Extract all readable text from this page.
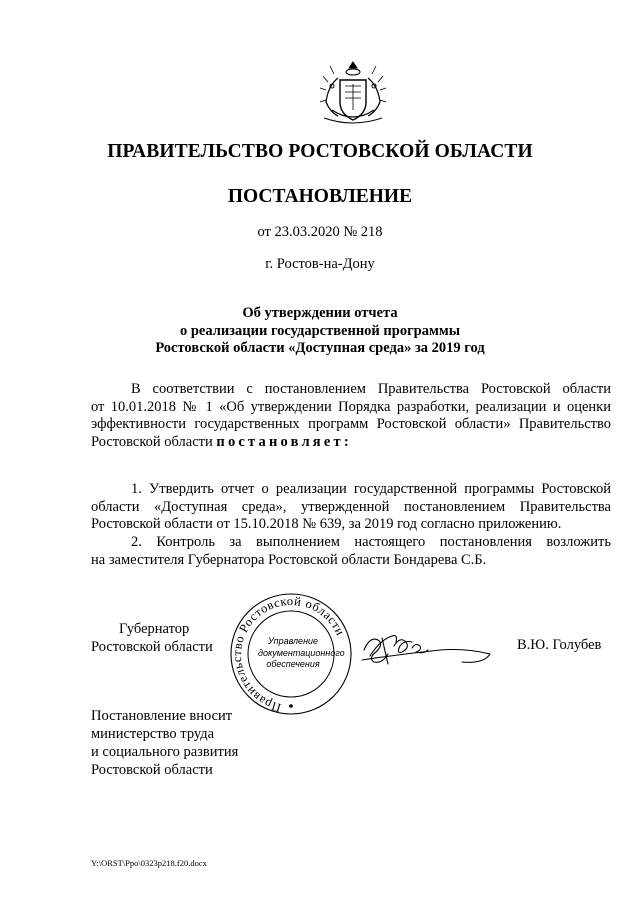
ПРАВИТЕЛЬСТВО РОСТОВСКОЙ ОБЛАСТИ
ПОСТАНОВЛЕНИЕ
от 23.03.2020 № 218
г. Ростов-на-Дону
Об утверждении отчета
о реализации государственной программы
Ростовской области «Доступная среда» за 2019 год
В соответствии с постановлением Правительства Ростовской области
от 10.01.2018 № 1 «Об утверждении Порядка разработки, реализации и оценки
эффективности государственных программ Ростовской области» Правительство
Ростовской области постановляет:
1. Утвердить отчет о реализации государственной программы Ростовской
области «Доступная среда», утвержденной постановлением Правительства
Ростовской области от 15.10.2018 № 639, за 2019 год согласно приложению.
2. Контроль за выполнением настоящего постановления возложить
на заместителя Губернатора Ростовской области Бондарева С.Б.
Губернатор
Ростовской области
Правительство Ростовской области
Управление
документационного
обеспечения
В.Ю. Голубев
Постановление вносит
министерство труда
и социального развития
Ростовской области
Y:\ORST\Ppo\0323p218.f20.docx
